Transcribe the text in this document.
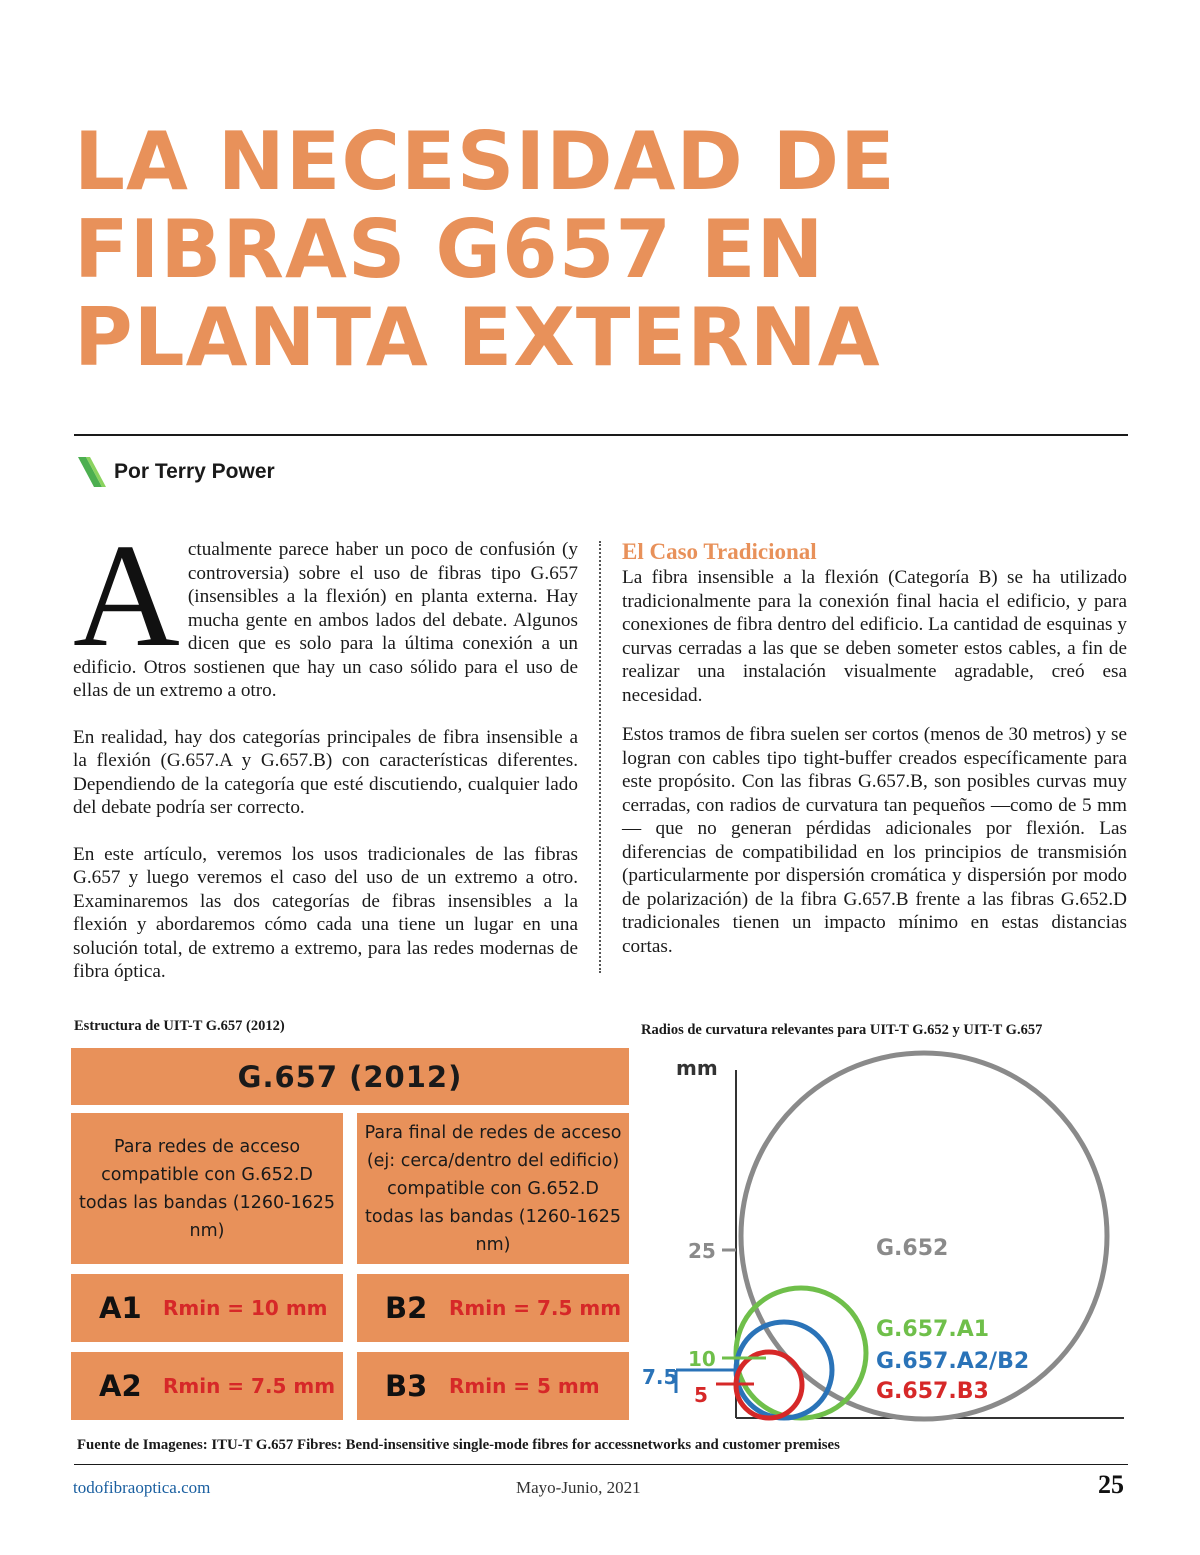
LA NECESIDAD DE FIBRAS G657 EN PLANTA EXTERNA
Por Terry Power

Actualmente parece haber un poco de confusión (y controversia) sobre el uso de fibras tipo G.657 (insensibles a la flexión) en planta externa. Hay mucha gente en ambos lados del debate. Algunos dicen que es solo para la última conexión a un edificio. Otros sostienen que hay un caso sólido para el uso de ellas de un extremo a otro.

En realidad, hay dos categorías principales de fibra insensible a la flexión (G.657.A y G.657.B) con características diferentes. Dependiendo de la categoría que esté discutiendo, cualquier lado del debate podría ser correcto.

En este artículo, veremos los usos tradicionales de las fibras G.657 y luego veremos el caso del uso de un extremo a otro. Examinaremos las dos categorías de fibras insensibles a la flexión y abordaremos cómo cada una tiene un lugar en una solución total, de extremo a extremo, para las redes modernas de fibra óptica.

El Caso Tradicional

La fibra insensible a la flexión (Categoría B) se ha utilizado tradicionalmente para la conexión final hacia el edificio, y para conexiones de fibra dentro del edificio. La cantidad de esquinas y curvas cerradas a las que se deben someter estos cables, a fin de realizar una instalación visualmente agradable, creó esa necesidad.

Estos tramos de fibra suelen ser cortos (menos de 30 metros) y se logran con cables tipo tight-buffer creados específicamente para este propósito. Con las fibras G.657.B, son posibles curvas muy cerradas, con radios de curvatura tan pequeños —como de 5 mm— que no generan pérdidas adicionales por flexión. Las diferencias de compatibilidad en los principios de transmisión (particularmente por dispersión cromática y dispersión por modo de polarización) de la fibra G.657.B frente a las fibras G.652.D tradicionales tienen un impacto mínimo en estas distancias cortas.

Estructura de UIT-T G.657 (2012)
G.657 (2012)
Para redes de acceso
compatible con G.652.D
todas las bandas (1260-1625 nm)
Para final de redes de acceso
(ej: cerca/dentro del edificio)
compatible con G.652.D
todas las bandas (1260-1625 nm)
A1	Rmin = 10 mm B2	Rmin = 7.5 mm
A2	Rmin = 7.5 mm B3	Rmin = 5 mm
Radios de curvatura relevantes para UIT-T G.652 y UIT-T G.657
mm
25
10
7.5
5
G.652
G.657.A1
G.657.A2/B2
G.657.B3
Fuente de Imagenes: ITU-T G.657 Fibres: Bend-insensitive single-mode fibres for accessnetworks and customer premises
todofibraoptica.com	Mayo-Junio, 2021	25
